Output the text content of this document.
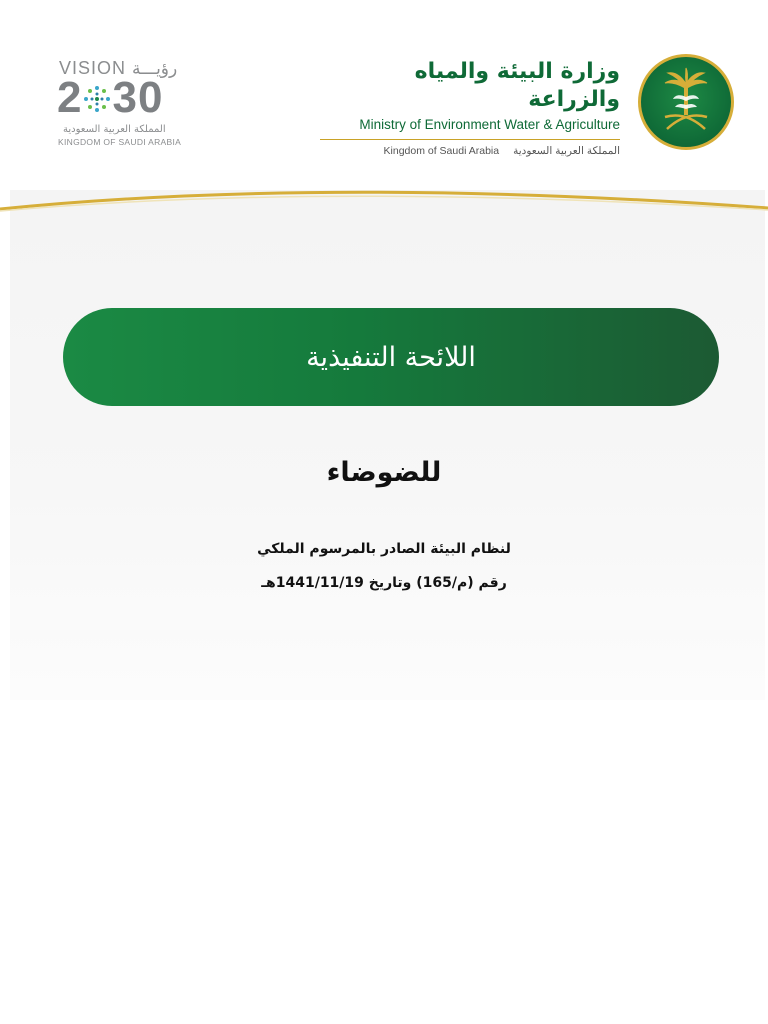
VISION رؤيـــة
2 30
المملكة العربية السعودية
KINGDOM OF SAUDI ARABIA
وزارة البيئة والمياه والزراعة
Ministry of Environment Water & Agriculture
Kingdom of Saudi Arabia المملكة العربية السعودية
اللائحة التنفيذية
للضوضاء
لنظام البيئة الصادر بالمرسوم الملكي
رقم (م/165) وتاريخ 1441/11/19هـ
